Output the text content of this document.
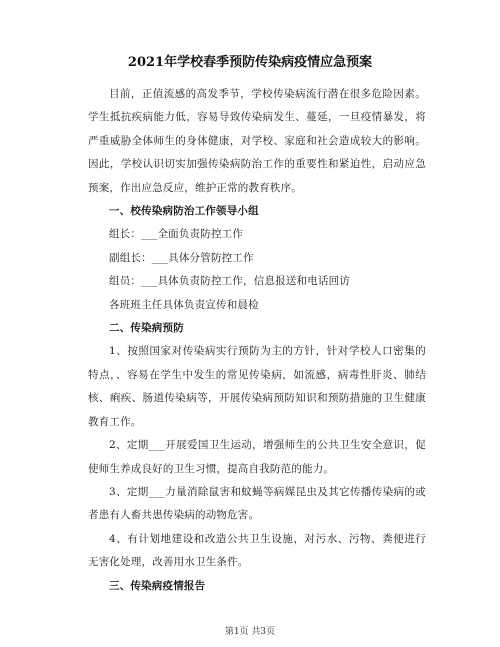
2021年学校春季预防传染病疫情应急预案

目前，正值流感的高发季节，学校传染病流行潜在很多危险因素。学生抵抗疾病能力低，容易导致传染病发生、蔓延，一旦疫情暴发，将严重威胁全体师生的身体健康，对学校、家庭和社会造成较大的影响。因此，学校认识切实加强传染病防治工作的重要性和紧迫性，启动应急预案，作出应急反应，维护正常的教育秩序。

一、校传染病防治工作领导小组

组长：___全面负责防控工作

副组长：___具体分管防控工作

组员：___具体负责防控工作，信息报送和电话回访

各班班主任具体负责宣传和晨检

二、传染病预防

1、按照国家对传染病实行预防为主的方针，针对学校人口密集的特点，、容易在学生中发生的常见传染病，如流感，病毒性肝炎、肺结核、痢疾、肠道传染病等，开展传染病预防知识和预防措施的卫生健康教育工作。

2、定期___开展爱国卫生运动，增强师生的公共卫生安全意识，促使师生养成良好的卫生习惯，提高自我防范的能力。

3、定期___力量消除鼠害和蚊蝇等病媒昆虫及其它传播传染病的或者患有人畜共患传染病的动物危害。

4、有计划地建设和改造公共卫生设施，对污水、污物、粪便进行无害化处理，改善用水卫生条件。

三、传染病疫情报告

第1页 共3页
